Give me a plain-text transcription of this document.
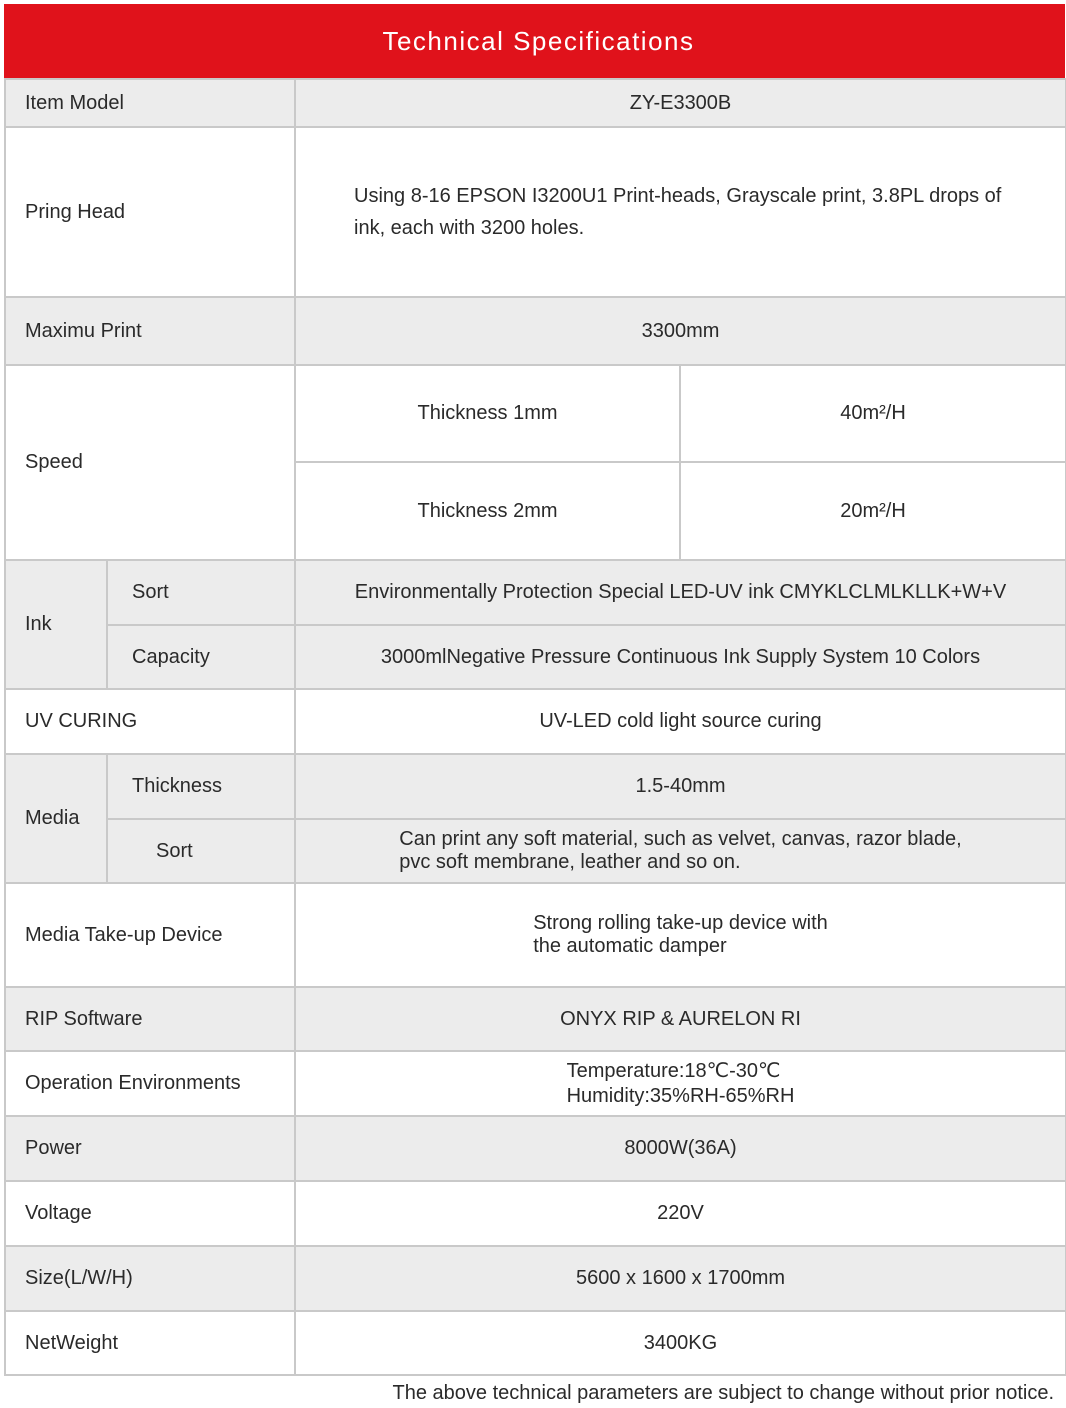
Technical Specifications
Item Model		ZY-E3300B	
Pring Head		Using 8-16 EPSON I3200U1 Print-heads, Grayscale print, 3.8PL drops of ink, each with 3200 holes.	
Maximu Print		3300mm	
Speed		Thickness 1mm	40m²/H
		Thickness 2mm	20m²/H
Ink	Sort	Environmentally Protection Special LED-UV ink CMYKLCLMLKLLK+W+V	
	Capacity	3000mlNegative Pressure Continuous Ink Supply System 10 Colors	
UV CURING		UV-LED cold light source curing	
Media	Thickness	1.5-40mm	
	Sort	Can print any soft material, such as velvet, canvas, razor blade,
pvc soft membrane, leather and so on.	

Media Take-up Device		Strong rolling take-up device with
the automatic damper	

RIP Software		ONYX RIP & AURELON RI	
Operation Environments		Temperature:18℃-30℃
Humidity:35%RH-65%RH	

Power		8000W(36A)	
Voltage		220V	
Size(L/W/H)		5600 x 1600 x 1700mm	
NetWeight		3400KG	
The above technical parameters are subject to change without prior notice.
